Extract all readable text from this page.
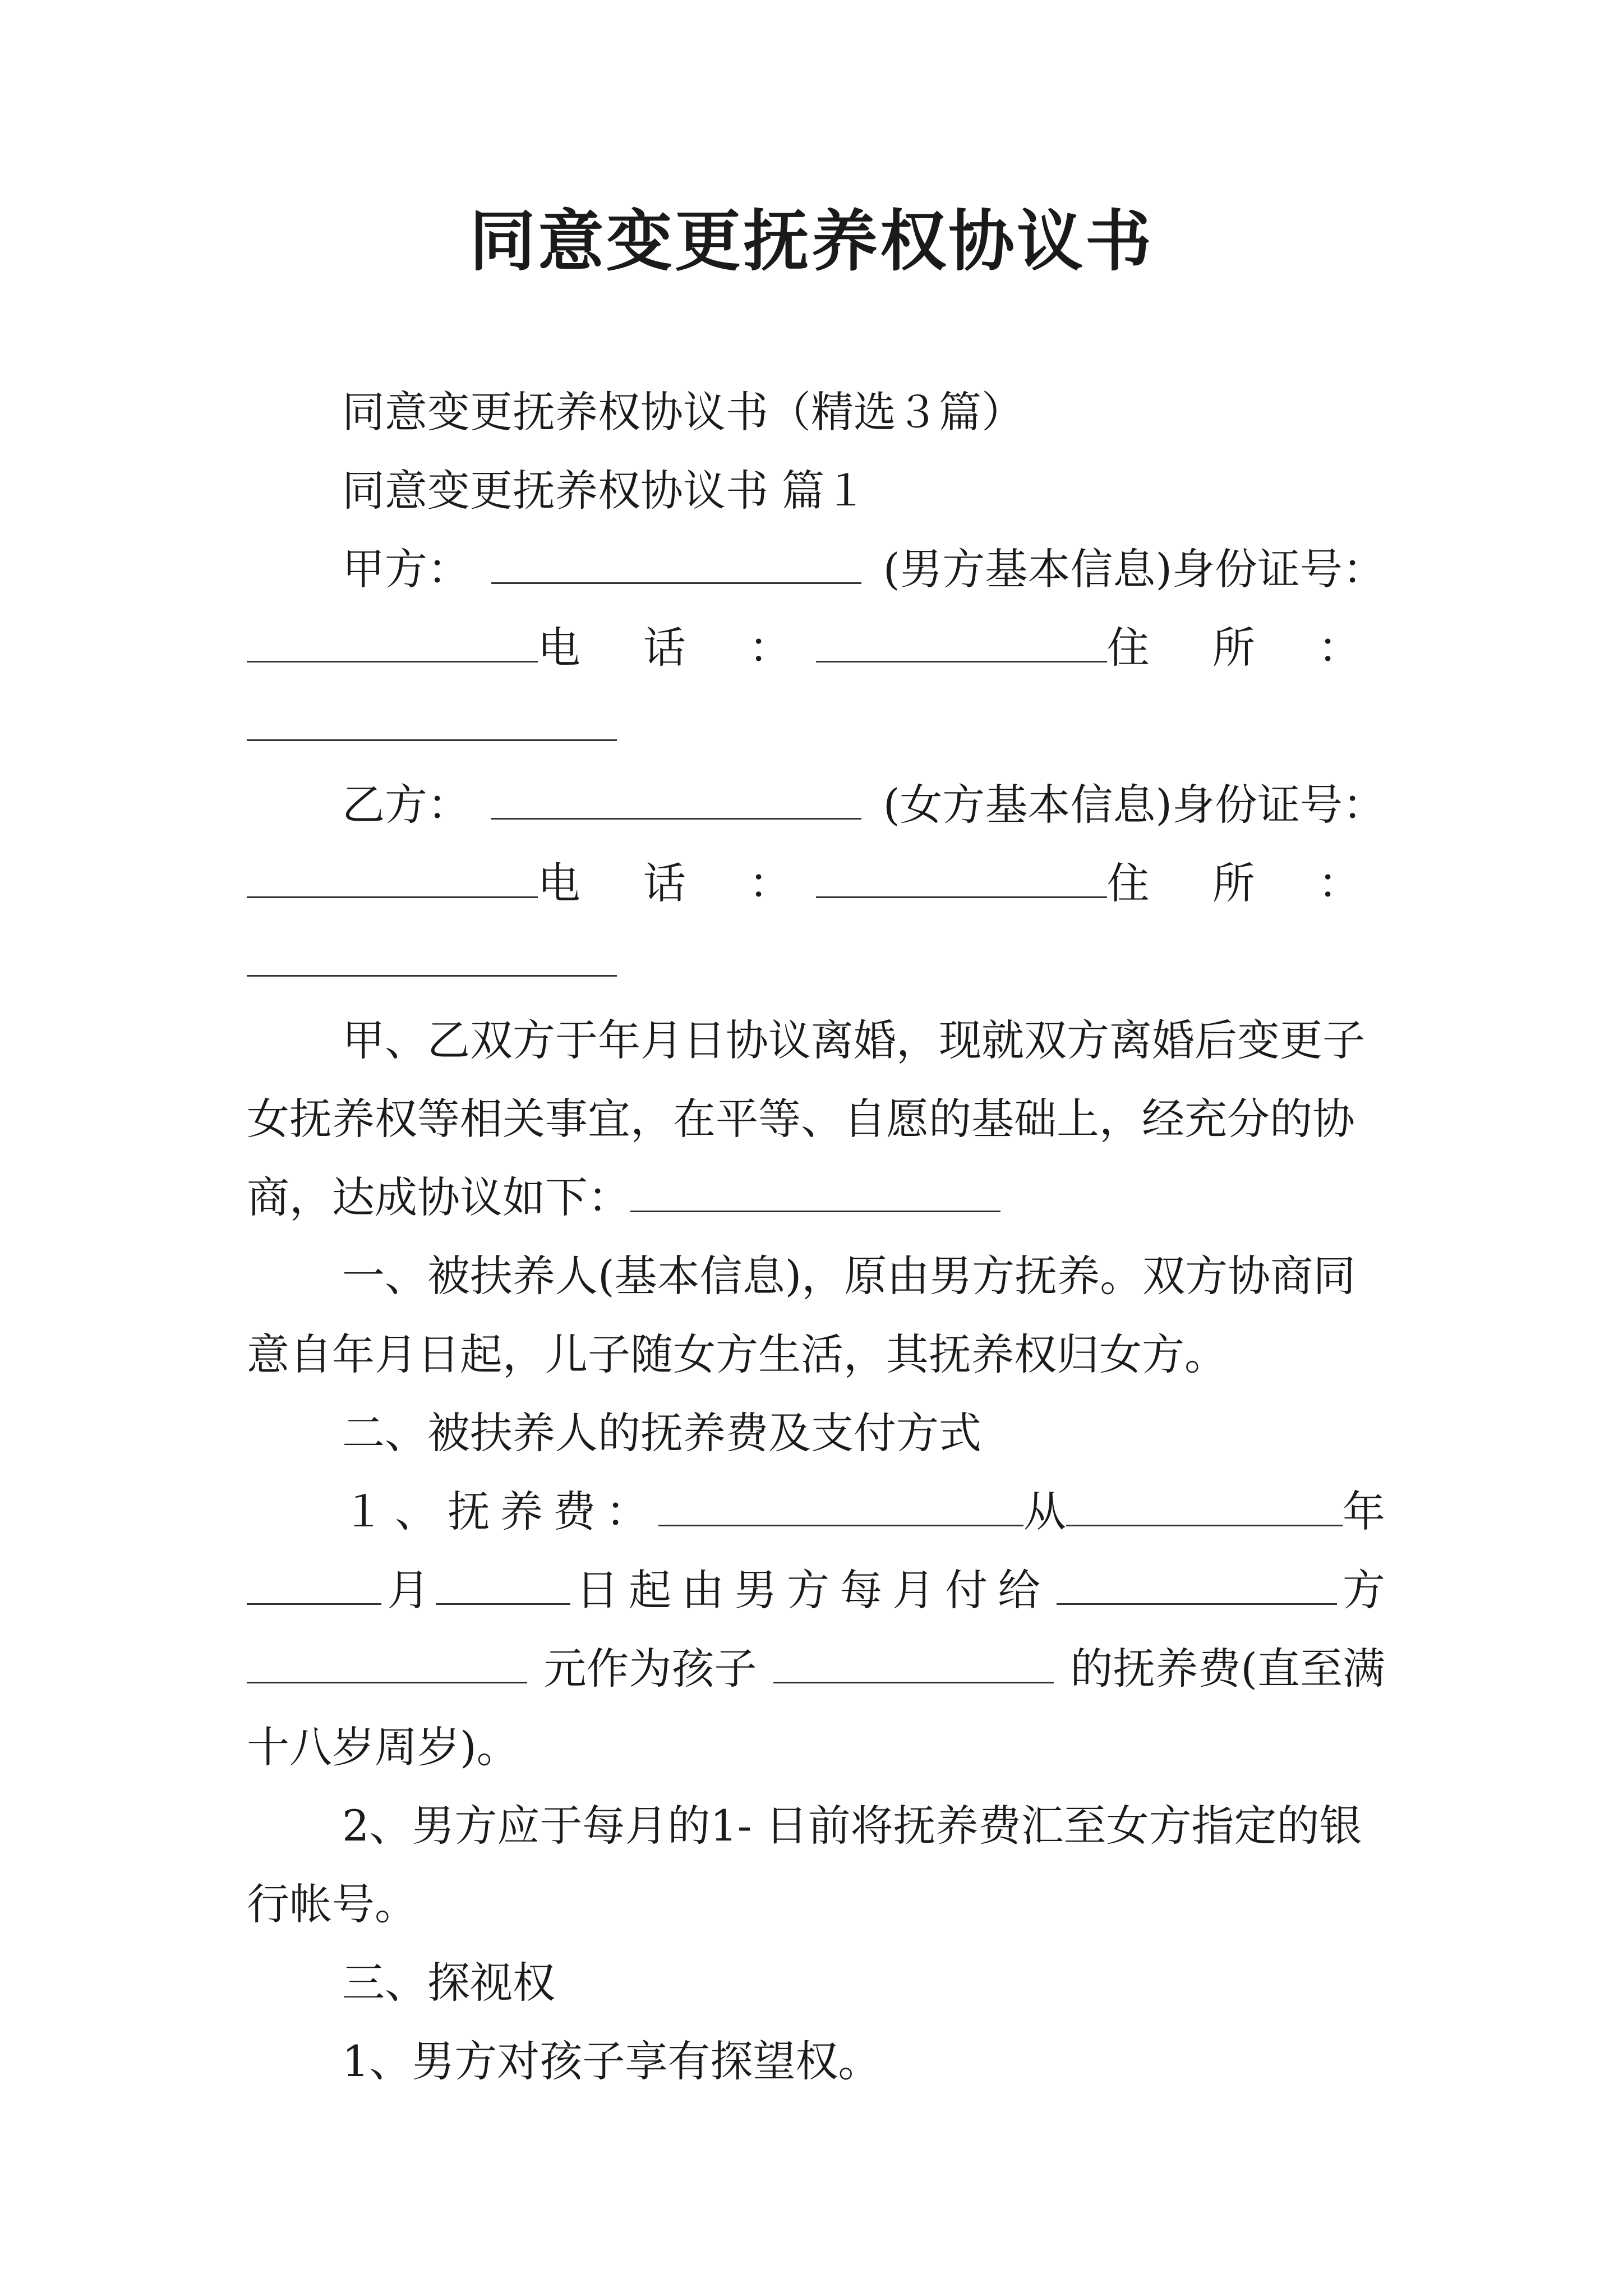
同意变更抚养权协议书
同意变更抚养权协议书（精选３篇）
同意变更抚养权协议书 篇１
甲方：	(男方基本信息)身份证号：
电 话 ：	住 所 ：
乙方：	(女方基本信息)身份证号：
电 话 ：	住 所 ：
甲、乙双方于年月日协议离婚，现就双方离婚后变更子
女抚养权等相关事宜，在平等、自愿的基础上，经充分的协
商，达成协议如下：
一、被扶养人(基本信息)，原由男方抚养。双方协商同
意自年月日起，儿子随女方生活，其抚养权归女方。
二、被扶养人的抚养费及支付方式
１、抚养费：	从	年
月	日起由男方每月付给	方
元作为孩子	的抚养费(直至满
十八岁周岁)。
2、男方应于每月的1- 日前将抚养费汇至女方指定的银
行帐号。
三、探视权
1、男方对孩子享有探望权。
